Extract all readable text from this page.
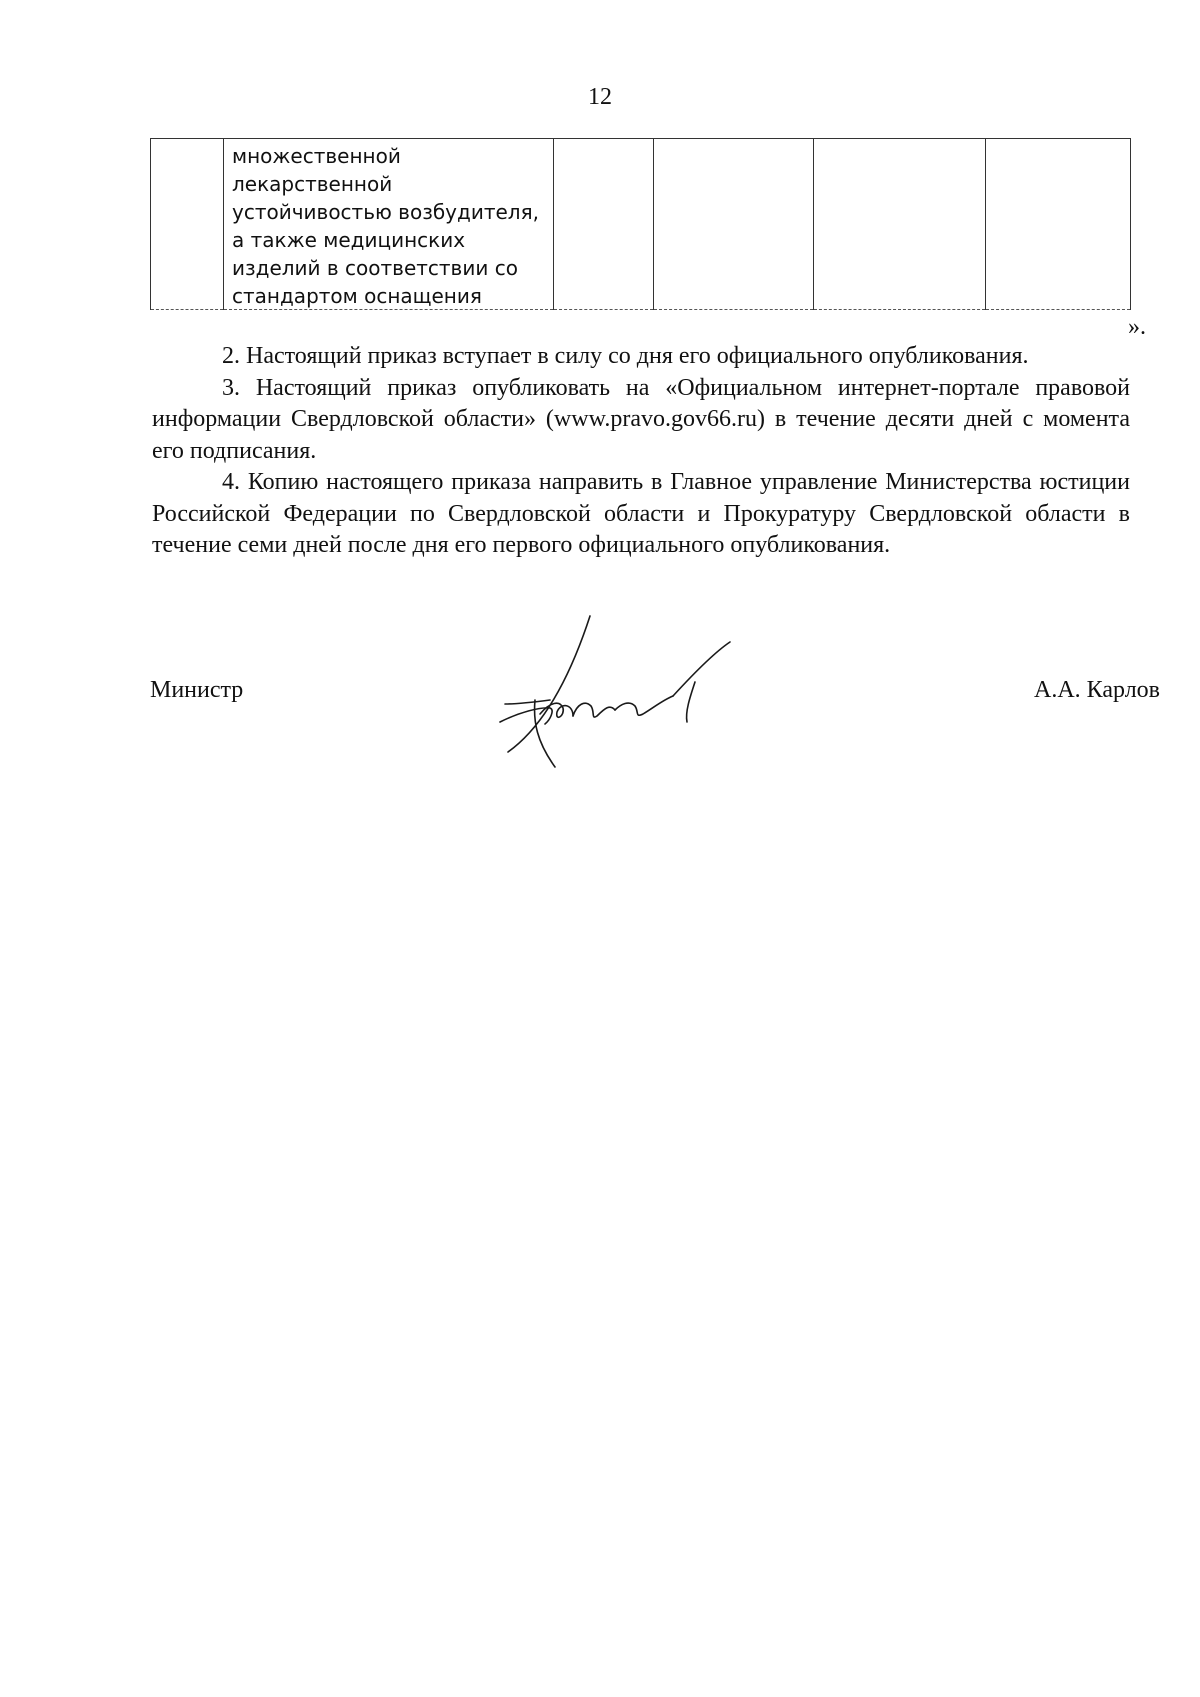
12

множественной
лекарственной
устойчивостью возбудителя,
а также медицинских
изделий в соответствии со
стандартом оснащения

».

2. Настоящий приказ вступает в силу со дня его официального опубликования.

3. Настоящий приказ опубликовать на «Официальном интернет-портале правовой информации Свердловской области» (www.pravo.gov66.ru) в течение десяти дней с момента его подписания.

4. Копию настоящего приказа направить в Главное управление Министерства юстиции Российской Федерации по Свердловской области и Прокуратуру Свердловской области в течение семи дней после дня его первого официального опубликования.

Министр	А.А. Карлов
